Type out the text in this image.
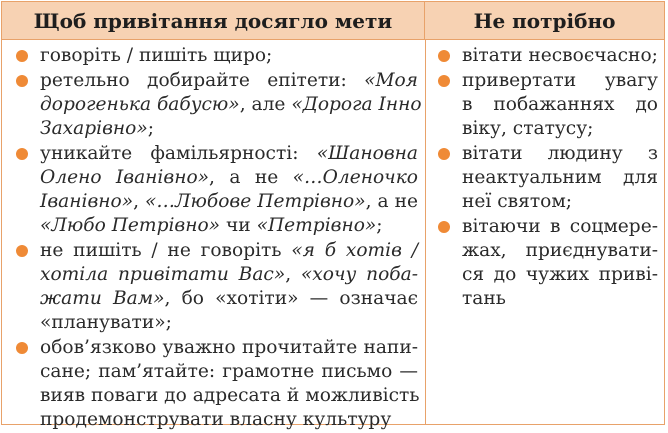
Щоб привітання досягло мети	Не потрібно
говоріть / пишіть щиро;
ретельно добирайте епітети: «Моя
дорогенька бабусю», але «Дорога Інно
Захарівно»;
уникайте фамільярності: «Шановна
Олено Іванівно», а не «…Оленочко
Іванівно», «…Любове Петрівно», а не
«Любо Петрівно» чи «Петрівно»;
не пишіть / не говоріть «я б хотів /
хотіла привітати Вас», «хочу поба-
жати Вам», бо «хотіти» — означає
«планувати»;
обов’язково уважно прочитайте напи-
сане; пам’ятайте: грамотне письмо —
вияв поваги до адресата й можливість
продемонструвати власну культуру
вітати несвоєчасно;
привертати увагу
в побажаннях до
віку, статусу;
вітати людину з
неактуальним для
неї святом;
вітаючи в соцмере-
жах, приєднувати-
ся до чужих приві-
тань
